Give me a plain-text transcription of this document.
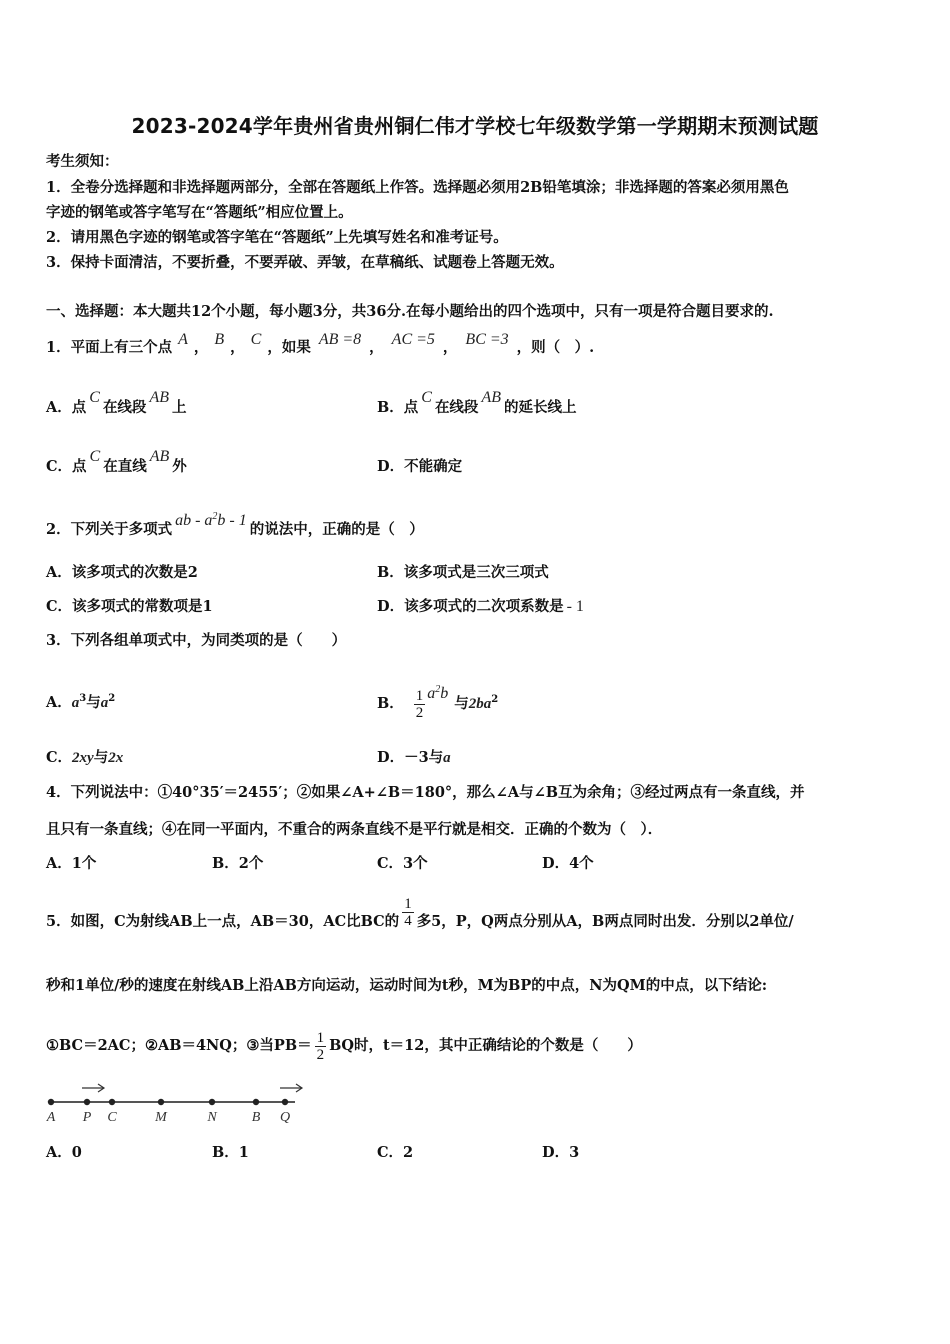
2023-2024学年贵州省贵州铜仁伟才学校七年级数学第一学期期末预测试题
考生须知：
1．全卷分选择题和非选择题两部分，全部在答题纸上作答。选择题必须用2B铅笔填涂；非选择题的答案必须用黑色
字迹的钢笔或答字笔写在“答题纸”相应位置上。
2．请用黑色字迹的钢笔或答字笔在“答题纸”上先填写姓名和准考证号。
3．保持卡面清洁，不要折叠，不要弄破、弄皱，在草稿纸、试题卷上答题无效。
一、选择题：本大题共12个小题，每小题3分，共36分.在每小题给出的四个选项中，只有一项是符合题目要求的.
1．平面上有三个点 A ， B ， C ，如果 AB =8 ， AC =5 ， BC =3 ，则（　）.
A．点C在线段AB上	B．点C在线段AB的延长线上
C．点C在直线AB外	D．不能确定
2．下列关于多项式ab - $a^2b - 1$的说法中，正确的是（　）
A．该多项式的次数是2	B．该多项式是三次三项式
C．该多项式的常数项是1	D．该多项式的二次项系数是 - 1
3．下列各组单项式中，为同类项的是（　　）
A．$a^3$与$a^2$	B． $\frac{1}{2} a^2b$与$2ba^2$
C．2xy与2x	D．－3与a
4．下列说法中：①40°35′＝2455′；②如果∠A+∠B＝180°，那么∠A与∠B互为余角；③经过两点有一条直线，并
且只有一条直线；④在同一平面内，不重合的两条直线不是平行就是相交．正确的个数为（　）．
A．1个	B．2个	C．3个	D．4个
5．如图，C为射线AB上一点，AB＝30，AC比BC的 $\frac{1}{4}$ 多5，P，Q两点分别从A，B两点同时出发．分别以2单位/
秒和1单位/秒的速度在射线AB上沿AB方向运动，运动时间为t秒，M为BP的中点，N为QM的中点，以下结论:
①BC＝2AC；②AB＝4NQ；③当$PB= \frac{1}{2}$ BQ时，t＝12，其中正确结论的个数是（　　）
A P C	M	N	B Q
A．0	B．1	C．2	D．3
